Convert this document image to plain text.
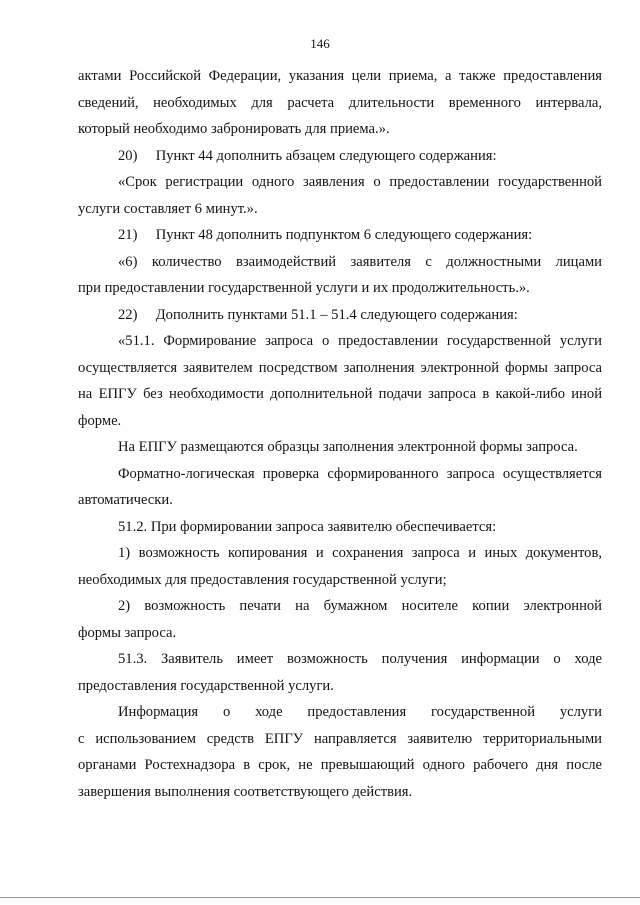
146

актами Российской Федерации, указания цели приема, а также предоставления
сведений, необходимых для расчета длительности временного интервала,
который необходимо забронировать для приема.».

20) Пункт 44 дополнить абзацем следующего содержания:

«Срок регистрации одного заявления о предоставлении государственной
услуги составляет 6 минут.».

21) Пункт 48 дополнить подпунктом 6 следующего содержания:

«6) количество взаимодействий заявителя с должностными лицами
при предоставлении государственной услуги и их продолжительность.».

22) Дополнить пунктами 51.1 – 51.4 следующего содержания:

«51.1. Формирование запроса о предоставлении государственной услуги
осуществляется заявителем посредством заполнения электронной формы запроса
на ЕПГУ без необходимости дополнительной подачи запроса в какой-либо иной
форме.

На ЕПГУ размещаются образцы заполнения электронной формы запроса.

Форматно-логическая проверка сформированного запроса осуществляется
автоматически.

51.2. При формировании запроса заявителю обеспечивается:

1) возможность копирования и сохранения запроса и иных документов,
необходимых для предоставления государственной услуги;

2) возможность печати на бумажном носителе копии электронной
формы запроса.

51.3. Заявитель имеет возможность получения информации о ходе
предоставления государственной услуги.

Информация о ходе предоставления государственной услуги
с использованием средств ЕПГУ направляется заявителю территориальными
органами Ростехнадзора в срок, не превышающий одного рабочего дня после
завершения выполнения соответствующего действия.
